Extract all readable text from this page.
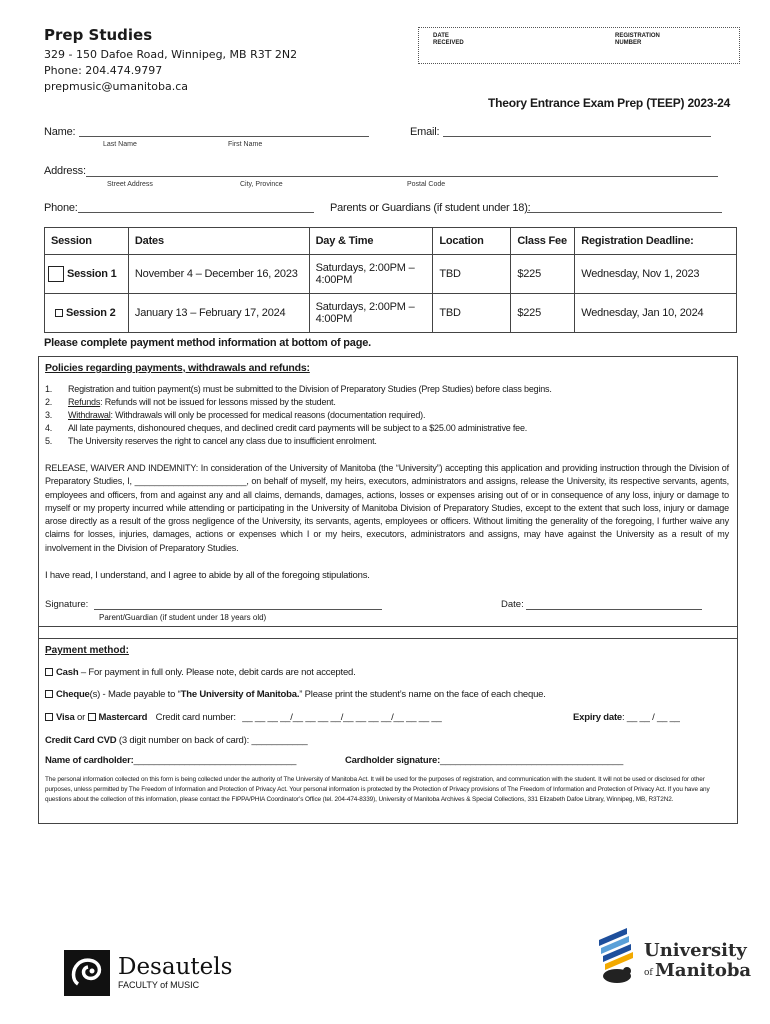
Prep Studies
329 - 150 Dafoe Road, Winnipeg, MB R3T 2N2
Phone: 204.474.9797
prepmusic@umanitoba.ca
DATE RECEIVED
REGISTRATION NUMBER
Theory Entrance Exam Prep (TEEP) 2023-24
Name:
Last Name	First Name
Email:
Address:
Street Address	City, Province	Postal Code
Phone:	Parents or Guardians (if student under 18):
Session	Dates	Day & Time	Location	Class Fee	Registration Deadline:
Session 1	November 4 – December 16, 2023	Saturdays, 2:00PM – 4:00PM	TBD	$225	Wednesday, Nov 1, 2023
Session 2	January 13 – February 17, 2024	Saturdays, 2:00PM – 4:00PM	TBD	$225	Wednesday, Jan 10, 2024
Please complete payment method information at bottom of page.
Policies regarding payments, withdrawals and refunds:
1. Registration and tuition payment(s) must be submitted to the Division of Preparatory Studies (Prep Studies) before class begins.
2. Refunds: Refunds will not be issued for lessons missed by the student.
3. Withdrawal: Withdrawals will only be processed for medical reasons (documentation required).
4. All late payments, dishonoured cheques, and declined credit card payments will be subject to a $25.00 administrative fee.
5. The University reserves the right to cancel any class due to insufficient enrolment.
RELEASE, WAIVER AND INDEMNITY: In consideration of the University of Manitoba (the “University”) accepting this application and providing instruction through the Division of Preparatory Studies, I, _______________________, on behalf of myself, my heirs, executors, administrators and assigns, release the University, its respective servants, agents, employees and officers, from and against any and all claims, demands, damages, actions, losses or expenses arising out of or in consequence of any loss, injury or damage to myself or my property incurred while attending or participating in the University of Manitoba Division of Preparatory Studies, except to the extent that such loss, injury or damage arose directly as a result of the gross negligence of the University, its servants, agents, employees or officers. Without limiting the generality of the foregoing, I further waive any claims for losses, injuries, damages, actions or expenses which I or my heirs, executors, administrators and assigns, may have against the University as a result of my involvement in the Division of Preparatory Studies.
I have read, I understand, and I agree to abide by all of the foregoing stipulations.
Signature:
Parent/Guardian (if student under 18 years old)
Date:
Payment method:
Cash – For payment in full only. Please note, debit cards are not accepted.
Cheque(s) - Made payable to “The University of Manitoba.” Please print the student’s name on the face of each cheque.
Visa or Mastercard Credit card number: __ __ __ __/__ __ __ __/__ __ __ __/__ __ __ __	Expiry date: __ __ / __ __
Credit Card CVD (3 digit number on back of card): ___________
Name of cardholder:________________________________	Cardholder signature:____________________________________
The personal information collected on this form is being collected under the authority of The University of Manitoba Act. It will be used for the purposes of registration, and communication with the student. It will not be used or disclosed for other purposes, unless permitted by The Freedom of Information and Protection of Privacy Act. Your personal information is protected by the Protection of Privacy provisions of The Freedom of Information and Protection of Privacy Act. If you have any questions about the collection of this information, please contact the FIPPA/PHIA Coordinator’s Office (tel. 204-474-8339), University of Manitoba Archives & Special Collections, 331 Elizabeth Dafoe Library, Winnipeg, MB, R3T2N2.
Desautels
FACULTY of MUSIC
University
of Manitoba
